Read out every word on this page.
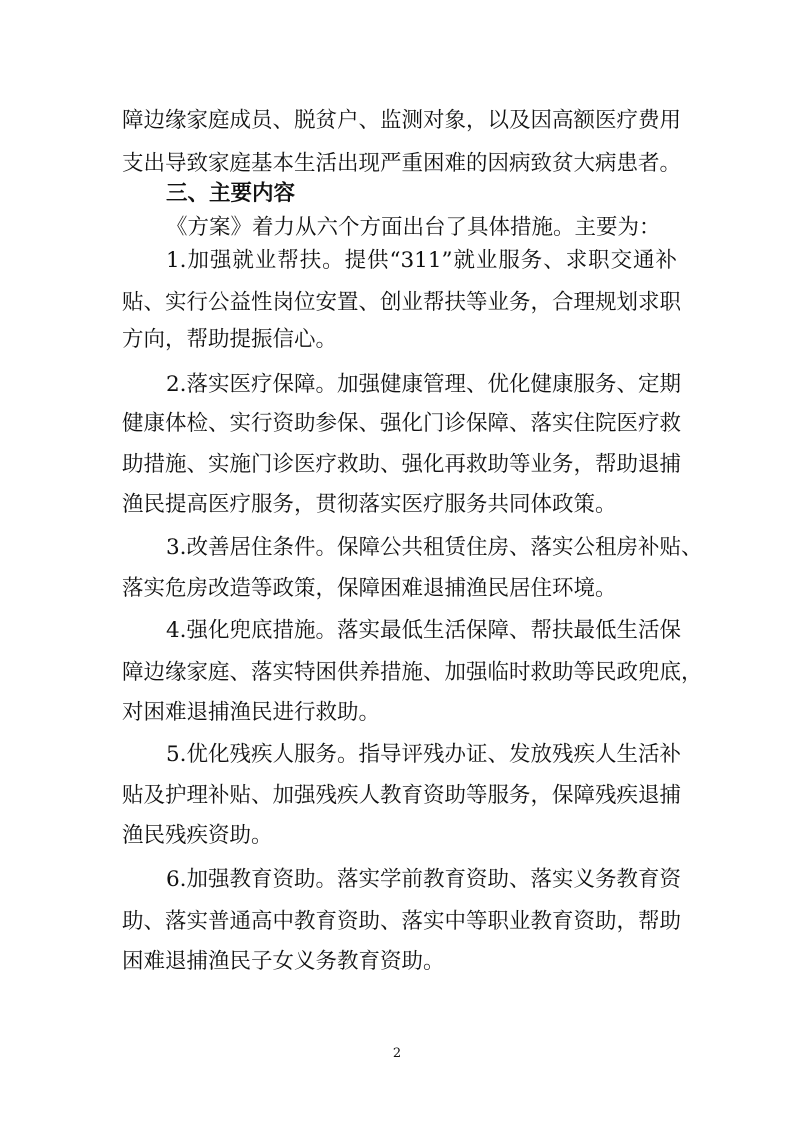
障边缘家庭成员、脱贫户、监测对象，以及因高额医疗费用
支出导致家庭基本生活出现严重困难的因病致贫大病患者。
三、主要内容
《方案》着力从六个方面出台了具体措施。主要为：
1.加强就业帮扶。提供“311”就业服务、求职交通补
贴、实行公益性岗位安置、创业帮扶等业务，合理规划求职
方向，帮助提振信心。
2.落实医疗保障。加强健康管理、优化健康服务、定期
健康体检、实行资助参保、强化门诊保障、落实住院医疗救
助措施、实施门诊医疗救助、强化再救助等业务，帮助退捕
渔民提高医疗服务，贯彻落实医疗服务共同体政策。
3.改善居住条件。保障公共租赁住房、落实公租房补贴、
落实危房改造等政策，保障困难退捕渔民居住环境。
4.强化兜底措施。落实最低生活保障、帮扶最低生活保
障边缘家庭、落实特困供养措施、加强临时救助等民政兜底，
对困难退捕渔民进行救助。
5.优化残疾人服务。指导评残办证、发放残疾人生活补
贴及护理补贴、加强残疾人教育资助等服务，保障残疾退捕
渔民残疾资助。
6.加强教育资助。落实学前教育资助、落实义务教育资
助、落实普通高中教育资助、落实中等职业教育资助，帮助
困难退捕渔民子女义务教育资助。
2
